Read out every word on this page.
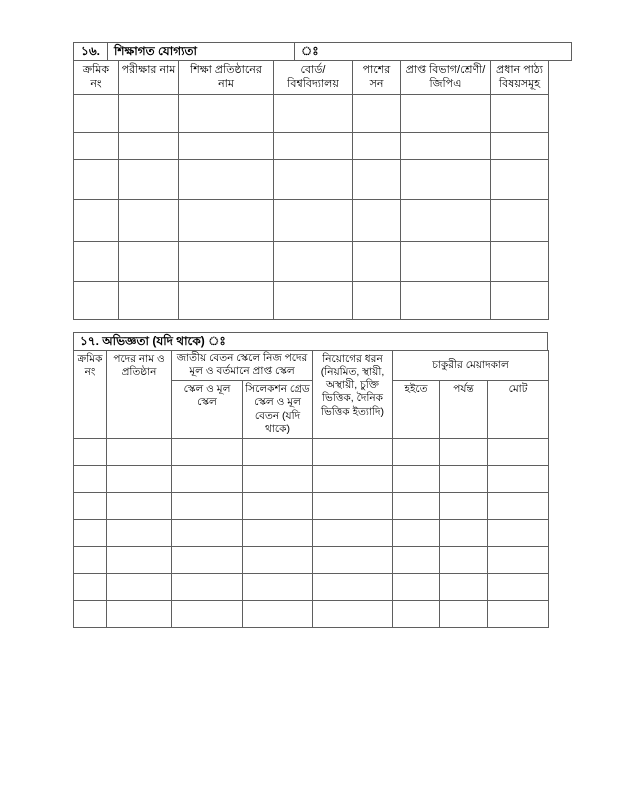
১৬.	শিক্ষাগত যোগ্যতা	ঃ
ক্রমিক নং	পরীক্ষার নাম	শিক্ষা প্রতিষ্ঠানের নাম	বোর্ড/বিশ্ববিদ্যালয়	পাশের সন	প্রাপ্ত বিভাগ/শ্রেণী/জিপিএ	প্রধান পাঠ্য বিষয়সমূহ

১৭. অভিজ্ঞতা (যদি থাকে) ঃ
ক্রমিক নং	পদের নাম ও প্রতিষ্ঠান	জাতীয় বেতন স্কেলে নিজ পদের মূল ও বর্তমানে প্রাপ্ত স্কেল		নিয়োগের ধরন (নিয়মিত, স্থায়ী, অস্থায়ী, চুক্তি ভিত্তিক, দৈনিক ভিত্তিক ইত্যাদি)	চাকুরীর মেয়াদকাল		
		স্কেল ও মূল স্কেল	সিলেকশন গ্রেড স্কেল ও মূল বেতন (যদি থাকে)		হইতে	পর্যন্ত	মোট
